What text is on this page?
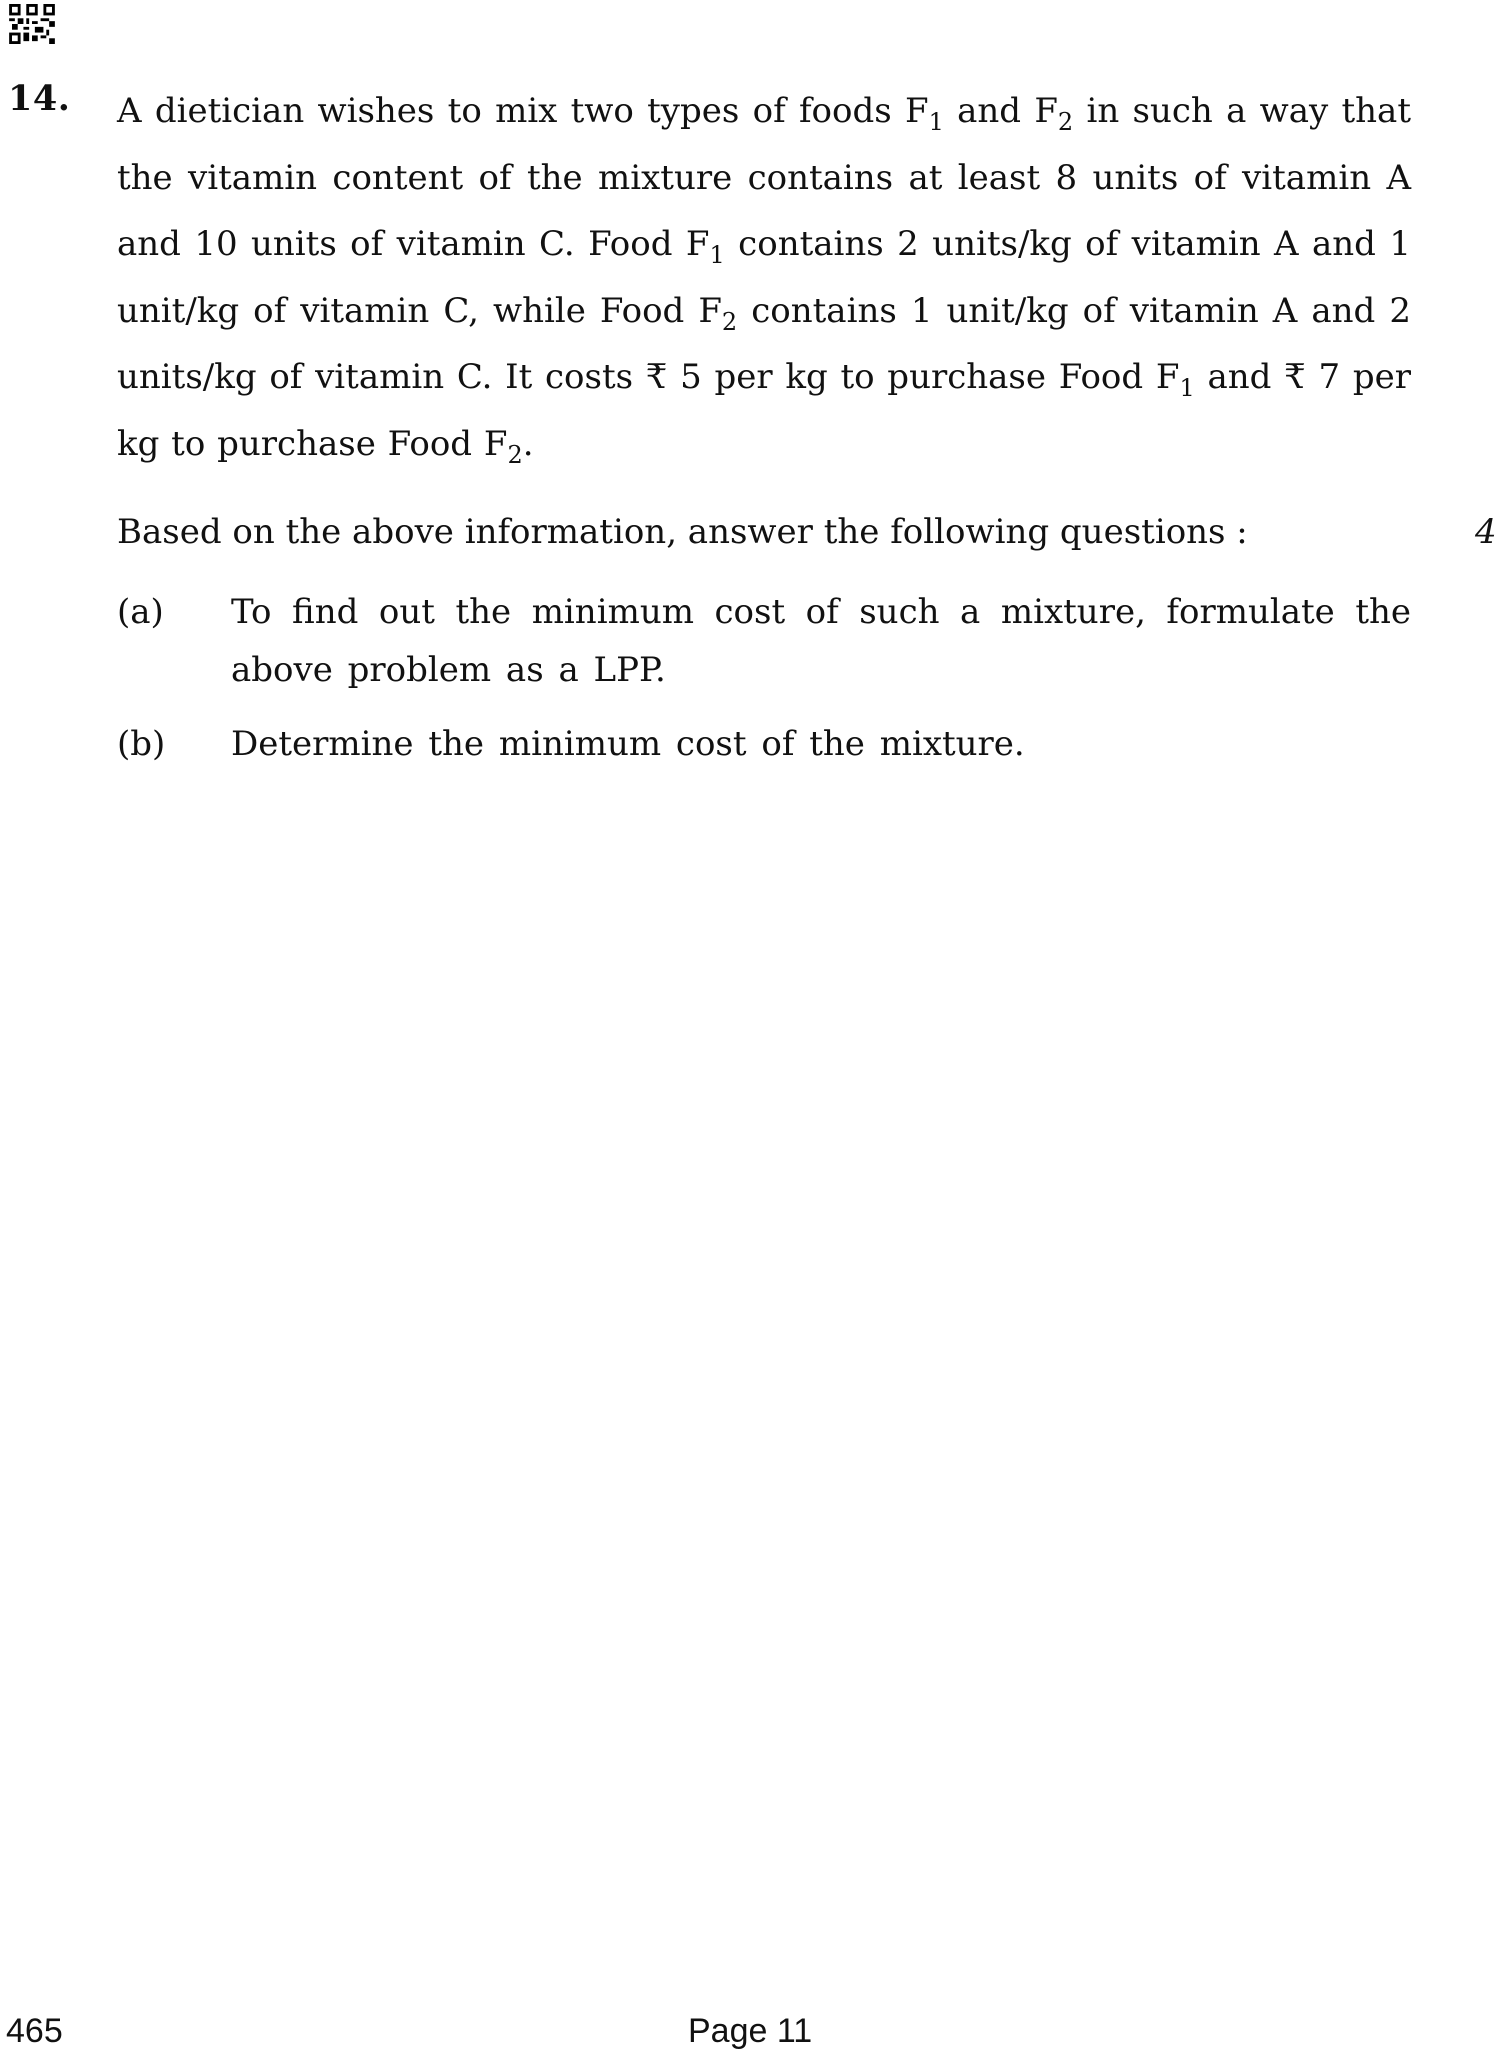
14. A dietician wishes to mix two types of foods $F_1$ and $F_2$ in such a way that the vitamin content of the mixture contains at least 8 units of vitamin A and 10 units of vitamin C. Food $F_1$ contains 2 units/kg of vitamin A and 1 unit/kg of vitamin C, while Food $F_2$ contains 1 unit/kg of vitamin A and 2 units/kg of vitamin C. It costs ₹ 5 per kg to purchase Food $F_1$ and ₹ 7 per kg to purchase Food $F_2$.
Based on the above information, answer the following questions :	4
(a) To find out the minimum cost of such a mixture, formulate the above problem as a LPP.
(b) Determine the minimum cost of the mixture.
465	Page 11
